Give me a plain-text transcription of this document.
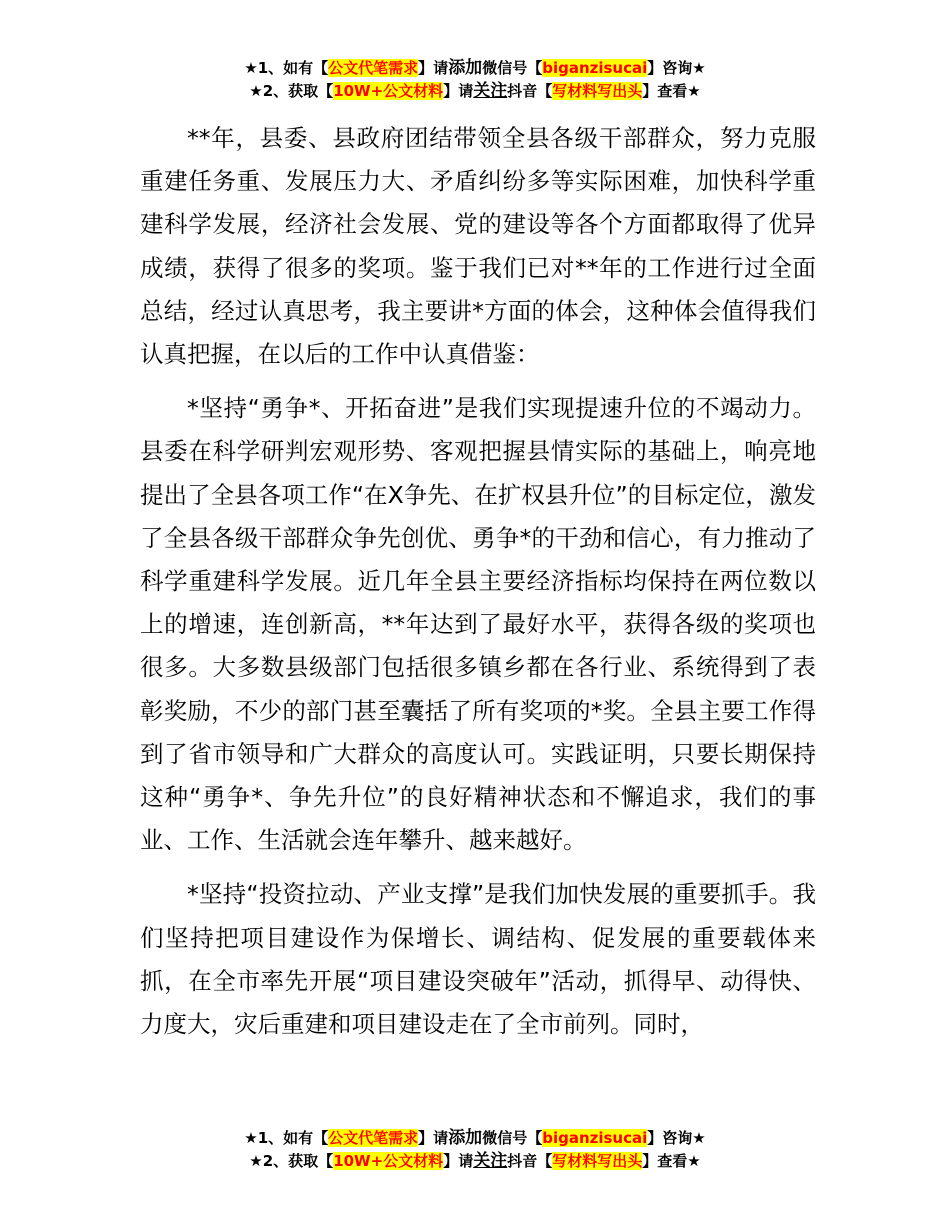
★1、如有【公文代笔需求】请添加微信号【biganzisucai】咨询★
★2、获取【10W+公文材料】请关注抖音【写材料写出头】查看★

**年，县委、县政府团结带领全县各级干部群众，努力克服重建任务重、发展压力大、矛盾纠纷多等实际困难，加快科学重建科学发展，经济社会发展、党的建设等各个方面都取得了优异成绩，获得了很多的奖项。鉴于我们已对**年的工作进行过全面总结，经过认真思考，我主要讲*方面的体会，这种体会值得我们认真把握，在以后的工作中认真借鉴：

*坚持“勇争*、开拓奋进”是我们实现提速升位的不竭动力。县委在科学研判宏观形势、客观把握县情实际的基础上，响亮地提出了全县各项工作“在X争先、在扩权县升位”的目标定位，激发了全县各级干部群众争先创优、勇争*的干劲和信心，有力推动了科学重建科学发展。近几年全县主要经济指标均保持在两位数以上的增速，连创新高，**年达到了最好水平，获得各级的奖项也很多。大多数县级部门包括很多镇乡都在各行业、系统得到了表彰奖励，不少的部门甚至囊括了所有奖项的*奖。全县主要工作得到了省市领导和广大群众的高度认可。实践证明，只要长期保持这种“勇争*、争先升位”的良好精神状态和不懈追求，我们的事业、工作、生活就会连年攀升、越来越好。

*坚持“投资拉动、产业支撑”是我们加快发展的重要抓手。我们坚持把项目建设作为保增长、调结构、促发展的重要载体来抓，在全市率先开展“项目建设突破年”活动，抓得早、动得快、力度大，灾后重建和项目建设走在了全市前列。同时，

★1、如有【公文代笔需求】请添加微信号【biganzisucai】咨询★
★2、获取【10W+公文材料】请关注抖音【写材料写出头】查看★
